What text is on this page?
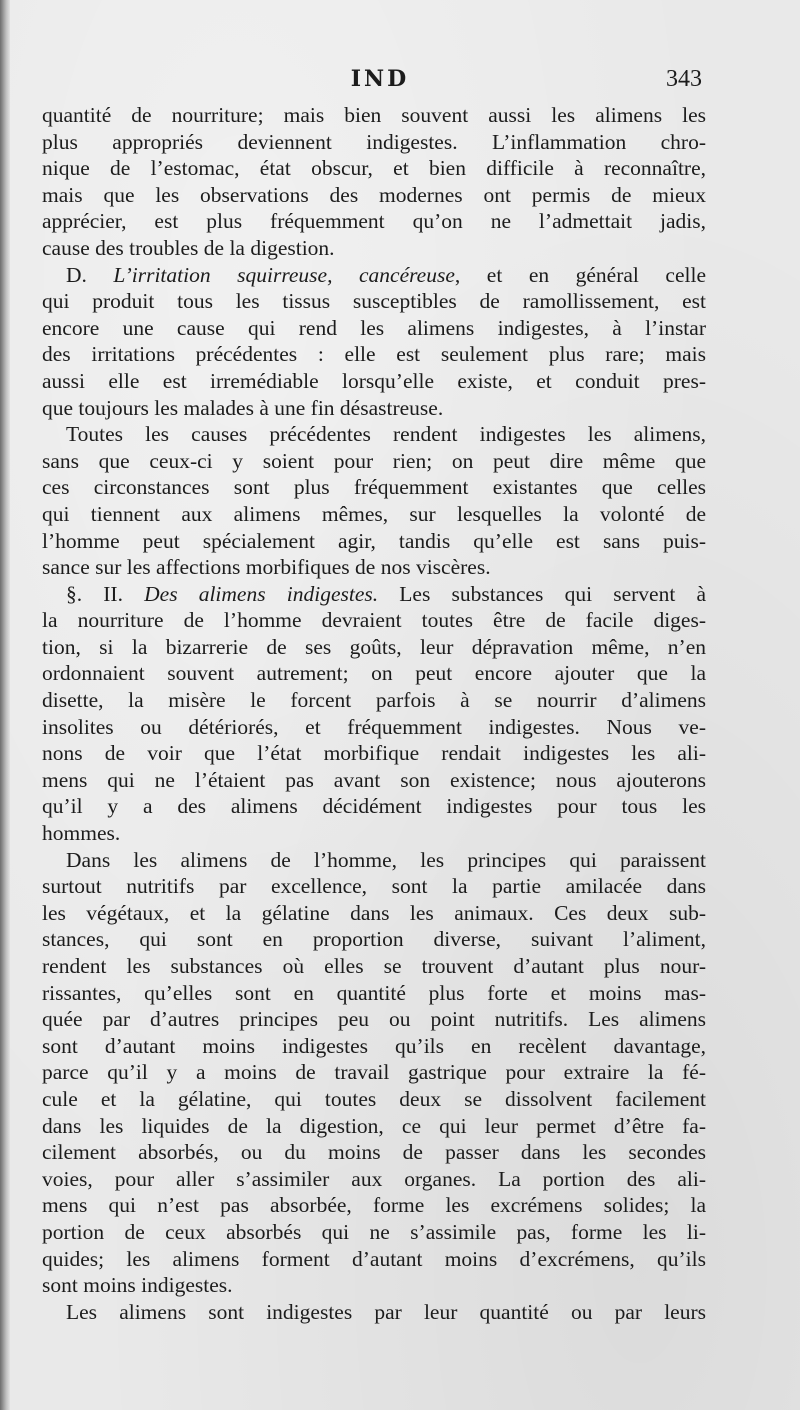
IND	343
quantité de nourriture; mais bien souvent aussi les alimens les
plus appropriés deviennent indigestes. L’inflammation chro-
nique de l’estomac, état obscur, et bien difficile à reconnaître,
mais que les observations des modernes ont permis de mieux
apprécier, est plus fréquemment qu’on ne l’admettait jadis,
cause des troubles de la digestion.
D. L’irritation squirreuse, cancéreuse, et en général celle
qui produit tous les tissus susceptibles de ramollissement, est
encore une cause qui rend les alimens indigestes, à l’instar
des irritations précédentes : elle est seulement plus rare; mais
aussi elle est irremédiable lorsqu’elle existe, et conduit pres-
que toujours les malades à une fin désastreuse.
Toutes les causes précédentes rendent indigestes les alimens,
sans que ceux-ci y soient pour rien; on peut dire même que
ces circonstances sont plus fréquemment existantes que celles
qui tiennent aux alimens mêmes, sur lesquelles la volonté de
l’homme peut spécialement agir, tandis qu’elle est sans puis-
sance sur les affections morbifiques de nos viscères.
§. II. Des alimens indigestes. Les substances qui servent à
la nourriture de l’homme devraient toutes être de facile diges-
tion, si la bizarrerie de ses goûts, leur dépravation même, n’en
ordonnaient souvent autrement; on peut encore ajouter que la
disette, la misère le forcent parfois à se nourrir d’alimens
insolites ou détériorés, et fréquemment indigestes. Nous ve-
nons de voir que l’état morbifique rendait indigestes les ali-
mens qui ne l’étaient pas avant son existence; nous ajouterons
qu’il y a des alimens décidément indigestes pour tous les
hommes.
Dans les alimens de l’homme, les principes qui paraissent
surtout nutritifs par excellence, sont la partie amilacée dans
les végétaux, et la gélatine dans les animaux. Ces deux sub-
stances, qui sont en proportion diverse, suivant l’aliment,
rendent les substances où elles se trouvent d’autant plus nour-
rissantes, qu’elles sont en quantité plus forte et moins mas-
quée par d’autres principes peu ou point nutritifs. Les alimens
sont d’autant moins indigestes qu’ils en recèlent davantage,
parce qu’il y a moins de travail gastrique pour extraire la fé-
cule et la gélatine, qui toutes deux se dissolvent facilement
dans les liquides de la digestion, ce qui leur permet d’être fa-
cilement absorbés, ou du moins de passer dans les secondes
voies, pour aller s’assimiler aux organes. La portion des ali-
mens qui n’est pas absorbée, forme les excrémens solides; la
portion de ceux absorbés qui ne s’assimile pas, forme les li-
quides; les alimens forment d’autant moins d’excrémens, qu’ils
sont moins indigestes.
Les alimens sont indigestes par leur quantité ou par leurs
